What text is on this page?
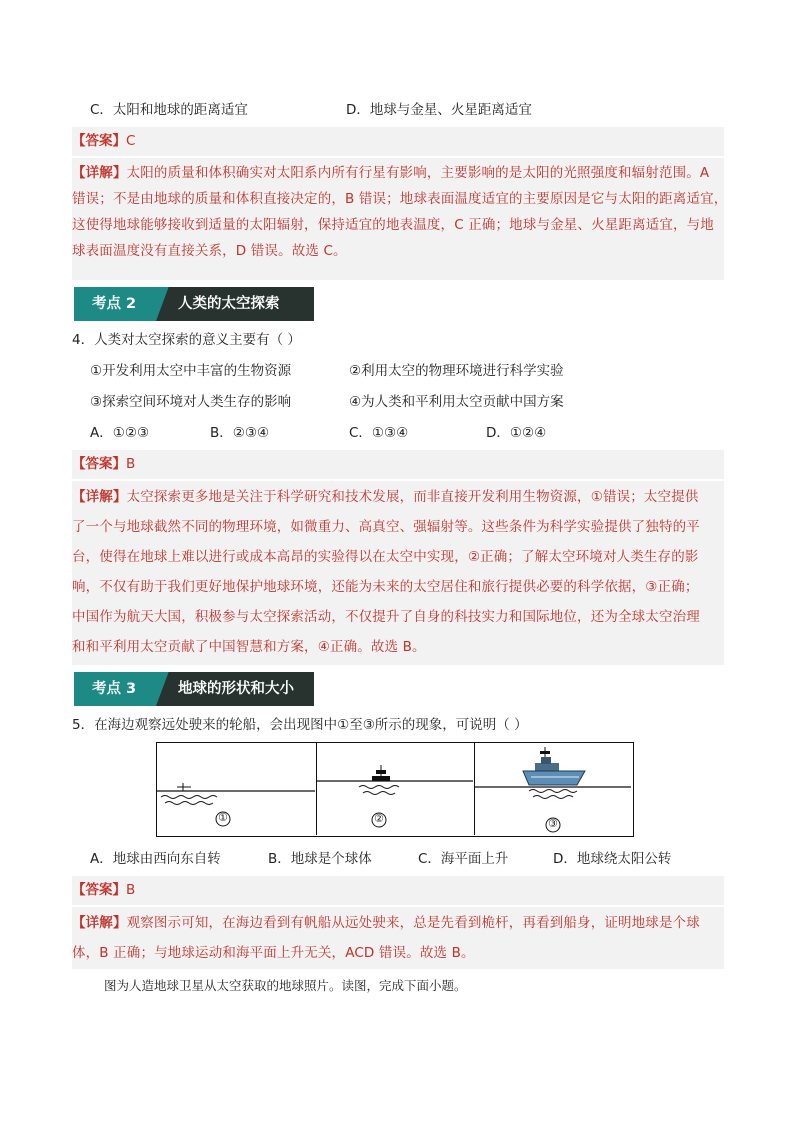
C．太阳和地球的距离适宜	D．地球与金星、火星距离适宜
【答案】C

【详解】太阳的质量和体积确实对太阳系内所有行星有影响，主要影响的是太阳的光照强度和辐射范围。A

错误；不是由地球的质量和体积直接决定的，B 错误；地球表面温度适宜的主要原因是它与太阳的距离适宜，

这使得地球能够接收到适量的太阳辐射，保持适宜的地表温度，C 正确；地球与金星、火星距离适宜，与地

球表面温度没有直接关系，D 错误。故选 C。

考点 2	人类的太空探索
4．人类对太空探索的意义主要有（ ）
①开发利用太空中丰富的生物资源	②利用太空的物理环境进行科学实验
③探索空间环境对人类生存的影响	④为人类和平利用太空贡献中国方案
A．①②③	B．②③④	C．①③④	D．①②④
【答案】B

【详解】太空探索更多地是关注于科学研究和技术发展，而非直接开发利用生物资源，①错误；太空提供

了一个与地球截然不同的物理环境，如微重力、高真空、强辐射等。这些条件为科学实验提供了独特的平

台，使得在地球上难以进行或成本高昂的实验得以在太空中实现，②正确；了解太空环境对人类生存的影

响，不仅有助于我们更好地保护地球环境，还能为未来的太空居住和旅行提供必要的科学依据，③正确；

中国作为航天大国，积极参与太空探索活动，不仅提升了自身的科技实力和国际地位，还为全球太空治理

和和平利用太空贡献了中国智慧和方案，④正确。故选 B。

考点 3	地球的形状和大小
5．在海边观察远处驶来的轮船，会出现图中①至③所示的现象，可说明（ ）
①	②	③
A．地球由西向东自转	B．地球是个球体	C．海平面上升	D．地球绕太阳公转
【答案】B

【详解】观察图示可知，在海边看到有帆船从远处驶来，总是先看到桅杆，再看到船身，证明地球是个球

体，B 正确；与地球运动和海平面上升无关，ACD 错误。故选 B。

图为人造地球卫星从太空获取的地球照片。读图，完成下面小题。
